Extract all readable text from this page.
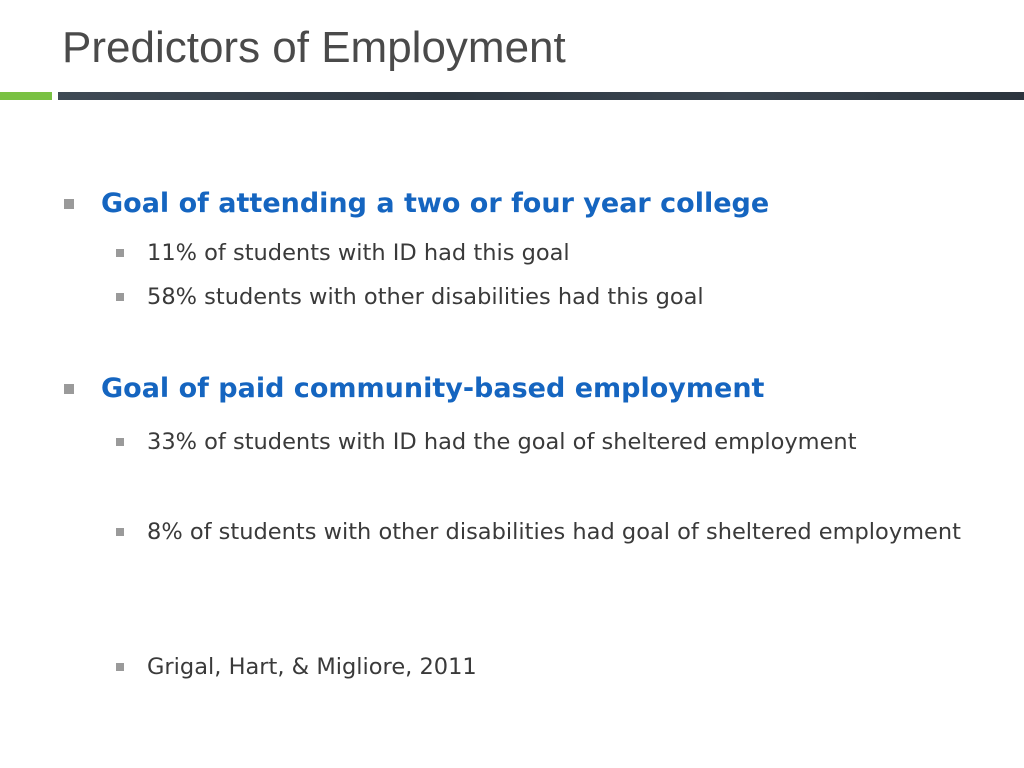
Predictors of Employment
Goal of attending a two or four year college
11% of students with ID had this goal
58% students with other disabilities had this goal
Goal of paid community-based employment
33% of students with ID had the goal of sheltered employment
8% of students with other disabilities had goal of sheltered employment
Grigal, Hart, & Migliore, 2011
